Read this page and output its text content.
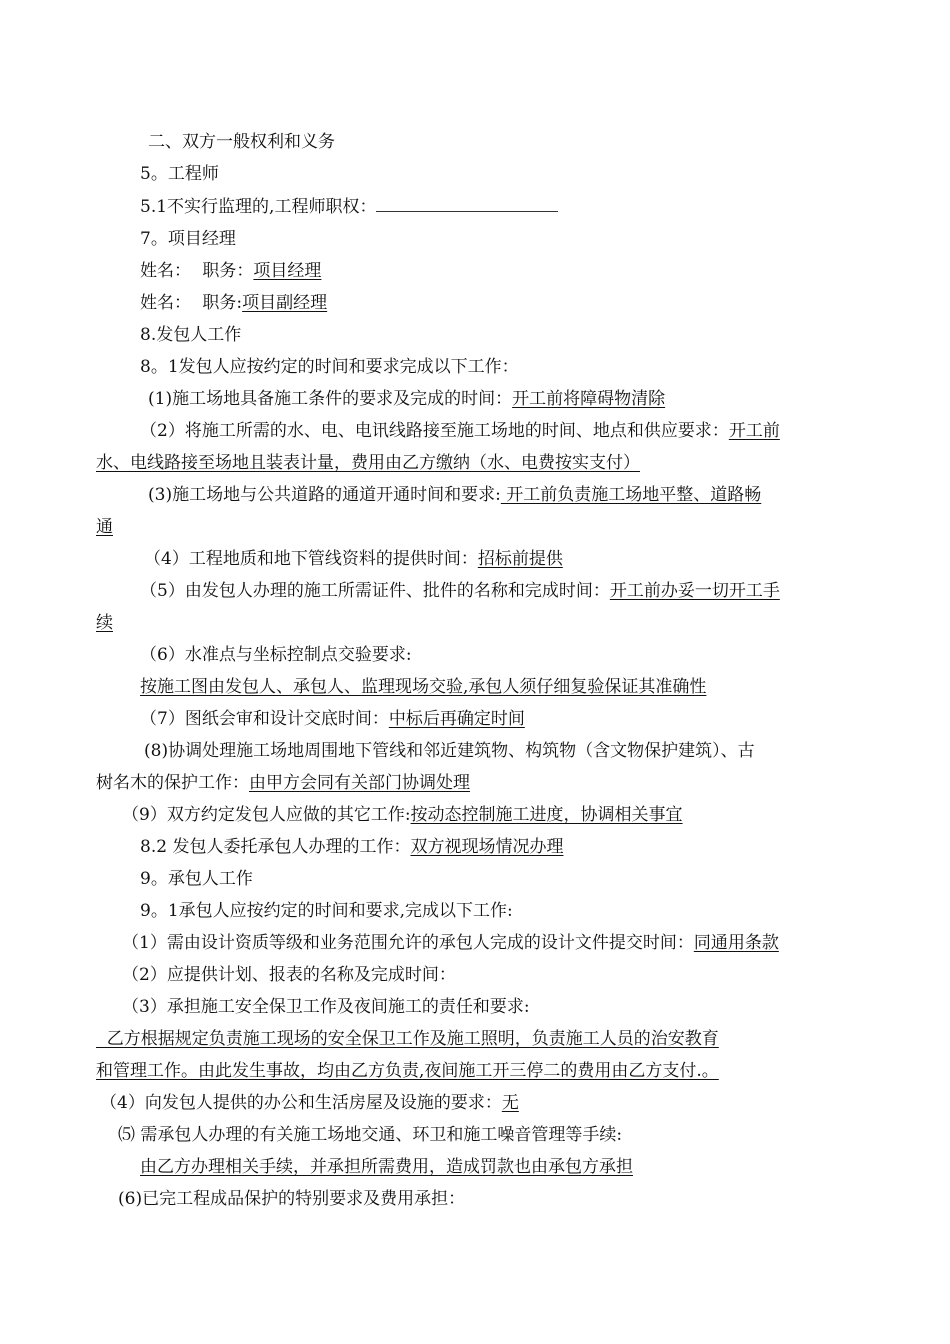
二、双方一般权利和义务
5。工程师
5.1不实行监理的,工程师职权：
7。项目经理
姓名： 职务：项目经理
姓名： 职务:项目副经理
8.发包人工作
8。1发包人应按约定的时间和要求完成以下工作：
(1)施工场地具备施工条件的要求及完成的时间：开工前将障碍物清除
（2）将施工所需的水、电、电讯线路接至施工场地的时间、地点和供应要求：开工前
水、电线路接至场地且装表计量，费用由乙方缴纳（水、电费按实支付）
(3)施工场地与公共道路的通道开通时间和要求: 开工前负责施工场地平整、道路畅
通
（4）工程地质和地下管线资料的提供时间：招标前提供
（5）由发包人办理的施工所需证件、批件的名称和完成时间：开工前办妥一切开工手
续
（6）水准点与坐标控制点交验要求:
按施工图由发包人、承包人、监理现场交验,承包人须仔细复验保证其准确性
（7）图纸会审和设计交底时间：中标后再确定时间
(8)协调处理施工场地周围地下管线和邻近建筑物、构筑物（含文物保护建筑）、古
树名木的保护工作：由甲方会同有关部门协调处理
（9）双方约定发包人应做的其它工作:按动态控制施工进度，协调相关事宜
8.2 发包人委托承包人办理的工作：双方视现场情况办理
9。承包人工作
9。1承包人应按约定的时间和要求,完成以下工作:
（1）需由设计资质等级和业务范围允许的承包人完成的设计文件提交时间：同通用条款
（2）应提供计划、报表的名称及完成时间：
（3）承担施工安全保卫工作及夜间施工的责任和要求:
乙方根据规定负责施工现场的安全保卫工作及施工照明，负责施工人员的治安教育
和管理工作。由此发生事故，均由乙方负责,夜间施工开三停二的费用由乙方支付.。
（4）向发包人提供的办公和生活房屋及设施的要求：无
⑸ 需承包人办理的有关施工场地交通、环卫和施工噪音管理等手续:
由乙方办理相关手续，并承担所需费用，造成罚款也由承包方承担
(6)已完工程成品保护的特别要求及费用承担：
